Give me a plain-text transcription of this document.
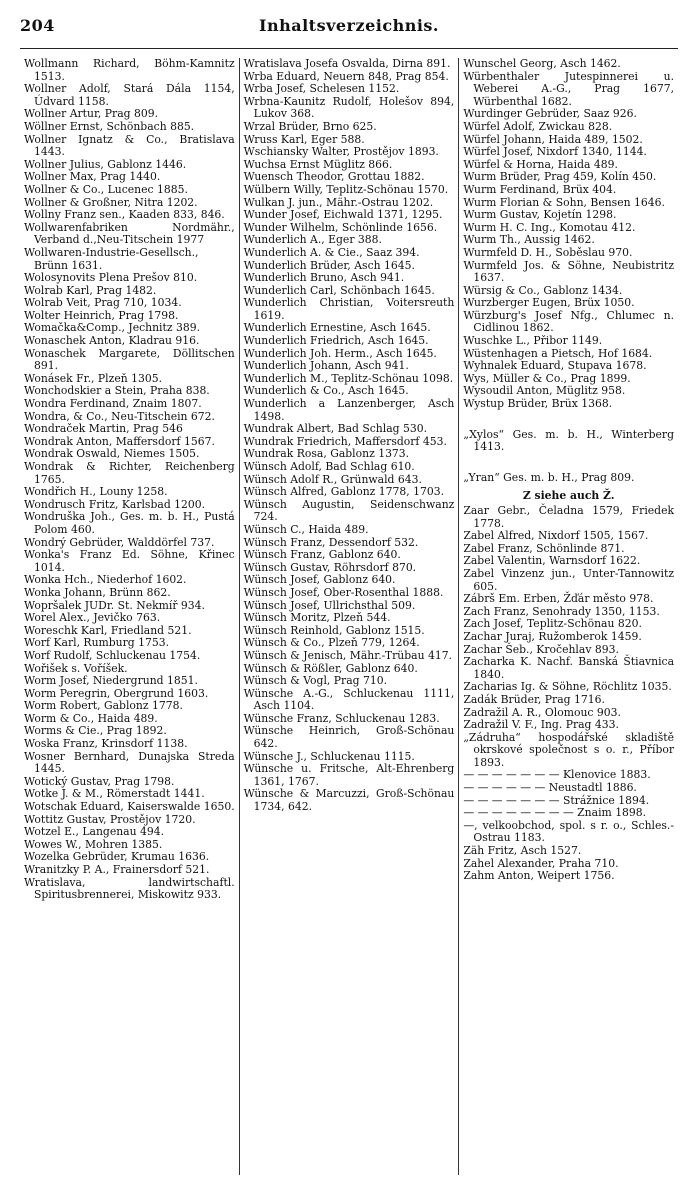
204	Inhaltsverzeichnis.

Wollmann Richard, Böhm-Kamnitz 1513.

Wollner Adolf, Stará Dála 1154, Údvard 1158.

Wollner Artur, Prag 809.

Wöllner Ernst, Schönbach 885.

Wollner Ignatz & Co., Bratislava 1443.

Wollner Julius, Gablonz 1446.

Wollner Max, Prag 1440.

Wollner & Co., Lucenec 1885.

Wollner & Großner, Nitra 1202.

Wollny Franz sen., Kaaden 833, 846.

Wollwarenfabriken Nordmähr., Verband d.,Neu-Titschein 1977

Wollwaren-Industrie-Gesellsch., Brünn 1631.

Wolosynovits Plena Prešov 810.

Wolrab Karl, Prag 1482.

Wolrab Veit, Prag 710, 1034.

Wolter Heinrich, Prag 1798.

Womačka&Comp., Jechnitz 389.

Wonaschek Anton, Kladrau 916.

Wonaschek Margarete, Döllitschen 891.

Wonásek Fr., Plzeň 1305.

Wonchodskier a Stein, Praha 838.

Wondra Ferdinand, Znaim 1807.

Wondra, & Co., Neu-Titschein 672.

Wondraček Martin, Prag 546

Wondrak Anton, Maffersdorf 1567.

Wondrak Oswald, Niemes 1505.

Wondrak & Richter, Reichenberg 1765.

Wondřich H., Louny 1258.

Wondrusch Fritz, Karlsbad 1200.

Wondruška Joh., Ges. m. b. H., Pustá Polom 460.

Wondrý Gebrüder, Walddörfel 737.

Wonka's Franz Ed. Söhne, Křinec 1014.

Wonka Hch., Niederhof 1602.

Wonka Johann, Brünn 862.

Wopršalek JUDr. St. Nekmíř 934.

Worel Alex., Jevičko 763.

Woreschk Karl, Friedland 521.

Worf Karl, Rumburg 1753.

Worf Rudolf, Schluckenau 1754.

Wořišek s. Voříšek.

Worm Josef, Niedergrund 1851.

Worm Peregrin, Obergrund 1603.

Worm Robert, Gablonz 1778.

Worm & Co., Haida 489.

Worms & Cie., Prag 1892.

Woska Franz, Krinsdorf 1138.

Wosner Bernhard, Dunajska Streda 1445.

Wotický Gustav, Prag 1798.

Wotke J. & M., Römerstadt 1441.

Wotschak Eduard, Kaiserswalde 1650.

Wottitz Gustav, Prostějov 1720.

Wotzel E., Langenau 494.

Wowes W., Mohren 1385.

Wozelka Gebrüder, Krumau 1636.

Wranitzky P. A., Frainersdorf 521.

Wratislava, landwirtschaftl. Spiritusbrennerei, Miskowitz 933.

Wratislava Josefa Osvalda, Dirna 891.

Wrba Eduard, Neuern 848, Prag 854.

Wrba Josef, Schelesen 1152.

Wrbna-Kaunitz Rudolf, Holešov 894, Lukov 368.

Wrzal Brüder, Brno 625.

Wruss Karl, Eger 588.

Wschiansky Walter, Prostějov 1893.

Wuchsa Ernst Müglitz 866.

Wuensch Theodor, Grottau 1882.

Wülbern Willy, Teplitz-Schönau 1570.

Wulkan J. jun., Mähr.-Ostrau 1202.

Wunder Josef, Eichwald 1371, 1295.

Wunder Wilhelm, Schönlinde 1656.

Wunderlich A., Eger 388.

Wunderlich A. & Cie., Saaz 394.

Wunderlich Brüder, Asch 1645.

Wunderlich Bruno, Asch 941.

Wunderlich Carl, Schönbach 1645.

Wunderlich Christian, Voitersreuth 1619.

Wunderlich Ernestine, Asch 1645.

Wunderlich Friedrich, Asch 1645.

Wunderlich Joh. Herm., Asch 1645.

Wunderlich Johann, Asch 941.

Wunderlich M., Teplitz-Schönau 1098.

Wunderlich & Co., Asch 1645.

Wunderlich a Lanzenberger, Asch 1498.

Wundrak Albert, Bad Schlag 530.

Wundrak Friedrich, Maffersdorf 453.

Wundrak Rosa, Gablonz 1373.

Wünsch Adolf, Bad Schlag 610.

Wünsch Adolf R., Grünwald 643.

Wünsch Alfred, Gablonz 1778, 1703.

Wünsch Augustin, Seidenschwanz 724.

Wünsch C., Haida 489.

Wünsch Franz, Dessendorf 532.

Wünsch Franz, Gablonz 640.

Wünsch Gustav, Röhrsdorf 870.

Wünsch Josef, Gablonz 640.

Wünsch Josef, Ober-Rosenthal 1888.

Wünsch Josef, Ullrichsthal 509.

Wünsch Moritz, Plzeň 544.

Wünsch Reinhold, Gablonz 1515.

Wünsch & Co., Plzeň 779, 1264.

Wünsch & Jenisch, Mähr.-Trübau 417.

Wünsch & Rößler, Gablonz 640.

Wünsch & Vogl, Prag 710.

Wünsche A.-G., Schluckenau 1111, Asch 1104.

Wünsche Franz, Schluckenau 1283.

Wünsche Heinrich, Groß-Schönau 642.

Wünsche J., Schluckenau 1115.

Wünsche u. Fritsche, Alt-Ehrenberg 1361, 1767.

Wünsche & Marcuzzi, Groß-Schönau 1734, 642.

Wunschel Georg, Asch 1462.

Würbenthaler Jutespinnerei u. Weberei A.-G., Prag 1677, Würbenthal 1682.

Wurdinger Gebrüder, Saaz 926.

Würfel Adolf, Zwickau 828.

Würfel Johann, Haida 489, 1502.

Würfel Josef, Nixdorf 1340, 1144.

Würfel & Horna, Haida 489.

Wurm Brüder, Prag 459, Kolín 450.

Wurm Ferdinand, Brüx 404.

Wurm Florian & Sohn, Bensen 1646.

Wurm Gustav, Kojetín 1298.

Wurm H. C. Ing., Komotau 412.

Wurm Th., Aussig 1462.

Wurmfeld D. H., Soběslau 970.

Wurmfeld Jos. & Söhne, Neubistritz 1637.

Würsig & Co., Gablonz 1434.

Wurzberger Eugen, Brüx 1050.

Würzburg's Josef Nfg., Chlumec n. Cidlinou 1862.

Wuschke L., Přibor 1149.

Wüstenhagen a Pietsch, Hof 1684.

Wyhnalek Eduard, Stupava 1678.

Wys, Müller & Co., Prag 1899.

Wysoudil Anton, Müglitz 958.

Wystup Brüder, Brüx 1368.

„Xylos“ Ges. m. b. H., Winterberg 1413.

„Yran“ Ges. m. b. H., Prag 809.

Z siehe auch Ž.

Zaar Gebr., Čeladna 1579, Friedek 1778.

Zabel Alfred, Nixdorf 1505, 1567.

Zabel Franz, Schönlinde 871.

Zabel Valentin, Warnsdorf 1622.

Zabel Vinzenz jun., Unter-Tannowitz 605.

Zábrš Em. Erben, Žďár město 978.

Zach Franz, Senohrady 1350, 1153.

Zach Josef, Teplitz-Schönau 820.

Zachar Juraj, Ružomberok 1459.

Zachar Šeb., Kročehlav 893.

Zacharka K. Nachf. Banská Štiavnica 1840.

Zacharias Ig. & Söhne, Röchlitz 1035.

Zadák Brüder, Prag 1716.

Zadražil A. R., Olomouc 903.

Zadražil V. F., Ing. Prag 433.

„Zádruha“ hospodářské skladiště okrskové společnost s o. r., Příbor 1893.

— — — — — — — Klenovice 1883.

— — — — — — Neustadtl 1886.

— — — — — — — Strážnice 1894.

— — — — — — — — Znaim 1898.

—, velkoobchod, spol. s r. o., Schles.-Ostrau 1183.

Zäh Fritz, Asch 1527.

Zahel Alexander, Praha 710.

Zahm Anton, Weipert 1756.
